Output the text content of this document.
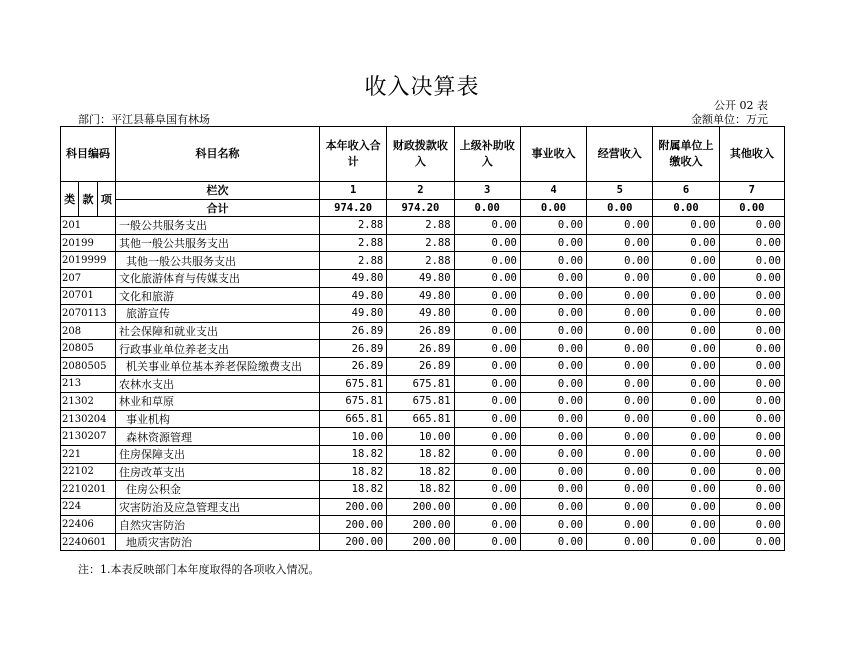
收入决算表
公开 02 表
部门：平江县幕阜国有林场	金额单位：万元
科目编码			科目名称	本年收入合计	财政拨款收入	上级补助收入	事业收入	经营收入	附属单位上缴收入	其他收入
类	款	项	栏次	1	2	3	4	5	6	7
			合计	974.20	974.20	0.00	0.00	0.00	0.00	0.00
201			一般公共服务支出	2.88	2.88	0.00	0.00	0.00	0.00	0.00
20199			其他一般公共服务支出	2.88	2.88	0.00	0.00	0.00	0.00	0.00
2019999			其他一般公共服务支出	2.88	2.88	0.00	0.00	0.00	0.00	0.00
207			文化旅游体育与传媒支出	49.80	49.80	0.00	0.00	0.00	0.00	0.00
20701			文化和旅游	49.80	49.80	0.00	0.00	0.00	0.00	0.00
2070113			旅游宣传	49.80	49.80	0.00	0.00	0.00	0.00	0.00
208			社会保障和就业支出	26.89	26.89	0.00	0.00	0.00	0.00	0.00
20805			行政事业单位养老支出	26.89	26.89	0.00	0.00	0.00	0.00	0.00
2080505			机关事业单位基本养老保险缴费支出	26.89	26.89	0.00	0.00	0.00	0.00	0.00
213			农林水支出	675.81	675.81	0.00	0.00	0.00	0.00	0.00
21302			林业和草原	675.81	675.81	0.00	0.00	0.00	0.00	0.00
2130204			事业机构	665.81	665.81	0.00	0.00	0.00	0.00	0.00
2130207			森林资源管理	10.00	10.00	0.00	0.00	0.00	0.00	0.00
221			住房保障支出	18.82	18.82	0.00	0.00	0.00	0.00	0.00
22102			住房改革支出	18.82	18.82	0.00	0.00	0.00	0.00	0.00
2210201			住房公积金	18.82	18.82	0.00	0.00	0.00	0.00	0.00
224			灾害防治及应急管理支出	200.00	200.00	0.00	0.00	0.00	0.00	0.00
22406			自然灾害防治	200.00	200.00	0.00	0.00	0.00	0.00	0.00
2240601			地质灾害防治	200.00	200.00	0.00	0.00	0.00	0.00	0.00
注：1.本表反映部门本年度取得的各项收入情况。
